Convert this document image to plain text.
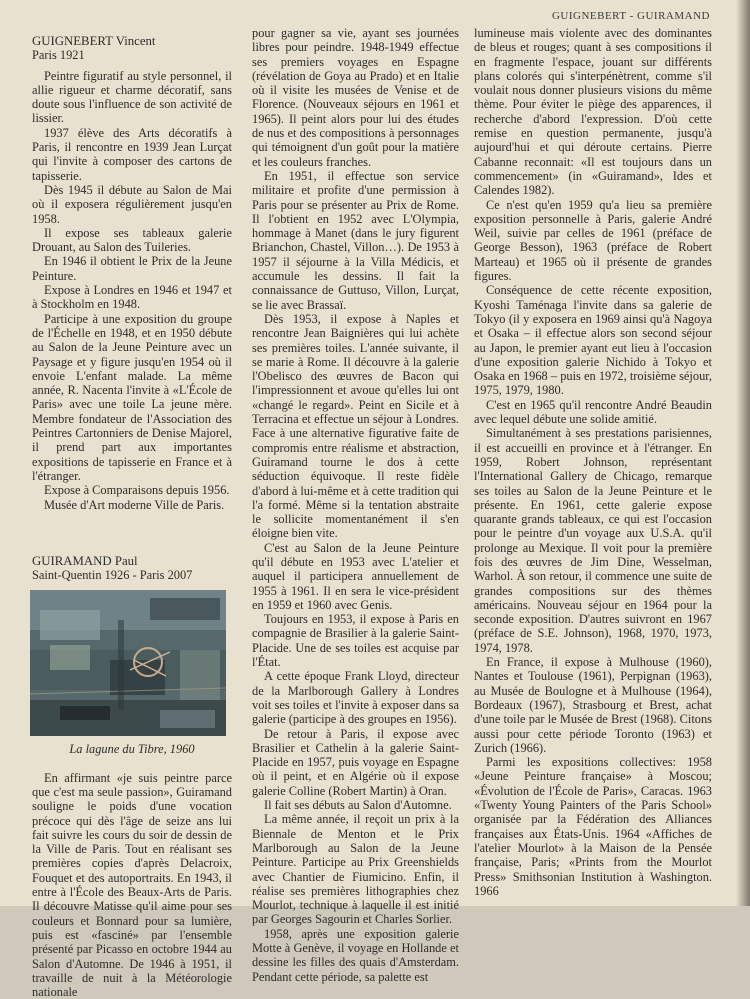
GUIGNEBERT - GUIRAMAND
GUIGNEBERT Vincent
Paris 1921

Peintre figuratif au style personnel, il allie rigueur et charme décoratif, sans doute sous l'influence de son activité de lissier.

1937 élève des Arts décoratifs à Paris, il rencontre en 1939 Jean Lurçat qui l'invite à composer des cartons de tapisserie.

Dès 1945 il débute au Salon de Mai où il exposera régulièrement jusqu'en 1958.

Il expose ses tableaux galerie Drouant, au Salon des Tuileries.

En 1946 il obtient le Prix de la Jeune Peinture.

Expose à Londres en 1946 et 1947 et à Stockholm en 1948.

Participe à une exposition du groupe de l'Échelle en 1948, et en 1950 débute au Salon de la Jeune Peinture avec un Paysage et y figure jusqu'en 1954 où il envoie L'enfant malade. La même année, R. Nacenta l'invite à «L'École de Paris» avec une toile La jeune mère. Membre fondateur de l'Association des Peintres Cartonniers de Denise Majorel, il prend part aux importantes expositions de tapisserie en France et à l'étranger.

Expose à Comparaisons depuis 1956.

Musée d'Art moderne Ville de Paris.

GUIRAMAND Paul
Saint-Quentin 1926 - Paris 2007
La lagune du Tibre, 1960

En affirmant «je suis peintre parce que c'est ma seule passion», Guiramand souligne le poids d'une vocation précoce qui dès l'âge de seize ans lui fait suivre les cours du soir de dessin de la Ville de Paris. Tout en réalisant ses premières copies d'après Delacroix, Fouquet et des autoportraits. En 1943, il entre à l'École des Beaux-Arts de Paris. Il découvre Matisse qu'il aime pour ses couleurs et Bonnard pour sa lumière, puis est «fasciné» par l'ensemble présenté par Picasso en octobre 1944 au Salon d'Automne. De 1946 à 1951, il travaille de nuit à la Météorologie nationale

pour gagner sa vie, ayant ses journées libres pour peindre. 1948-1949 effectue ses premiers voyages en Espagne (révélation de Goya au Prado) et en Italie où il visite les musées de Venise et de Florence. (Nouveaux séjours en 1961 et 1965). Il peint alors pour lui des études de nus et des compositions à personnages qui témoignent d'un goût pour la matière et les couleurs franches.

En 1951, il effectue son service militaire et profite d'une permission à Paris pour se présenter au Prix de Rome. Il l'obtient en 1952 avec L'Olympia, hommage à Manet (dans le jury figurent Brianchon, Chastel, Villon…). De 1953 à 1957 il séjourne à la Villa Médicis, et accumule les dessins. Il fait la connaissance de Guttuso, Villon, Lurçat, se lie avec Brassaï.

Dès 1953, il expose à Naples et rencontre Jean Baignières qui lui achète ses premières toiles. L'année suivante, il se marie à Rome. Il découvre à la galerie l'Obelisco des œuvres de Bacon qui l'impressionnent et avoue qu'elles lui ont «changé le regard». Peint en Sicile et à Terracina et effectue un séjour à Londres. Face à une alternative figurative faite de compromis entre réalisme et abstraction, Guiramand tourne le dos à cette séduction équivoque. Il reste fidèle d'abord à lui-même et à cette tradition qui l'a formé. Même si la tentation abstraite le sollicite momentanément il s'en éloigne bien vite.

C'est au Salon de la Jeune Peinture qu'il débute en 1953 avec L'atelier et auquel il participera annuellement de 1955 à 1961. Il en sera le vice-président en 1959 et 1960 avec Genis.

Toujours en 1953, il expose à Paris en compagnie de Brasilier à la galerie Saint-Placide. Une de ses toiles est acquise par l'État.

A cette époque Frank Lloyd, directeur de la Marlborough Gallery à Londres voit ses toiles et l'invite à exposer dans sa galerie (participe à des groupes en 1956).

De retour à Paris, il expose avec Brasilier et Cathelin à la galerie Saint-Placide en 1957, puis voyage en Espagne où il peint, et en Algérie où il expose galerie Colline (Robert Martin) à Oran.

Il fait ses débuts au Salon d'Automne.

La même année, il reçoit un prix à la Biennale de Menton et le Prix Marlborough au Salon de la Jeune Peinture. Participe au Prix Greenshields avec Chantier de Fiumicino. Enfin, il réalise ses premières lithographies chez Mourlot, technique à laquelle il est initié par Georges Sagourin et Charles Sorlier.

1958, après une exposition galerie Motte à Genève, il voyage en Hollande et dessine les filles des quais d'Amsterdam. Pendant cette période, sa palette est

lumineuse mais violente avec des dominantes de bleus et rouges; quant à ses compositions il en fragmente l'espace, jouant sur différents plans colorés qui s'interpénètrent, comme s'il voulait nous donner plusieurs visions du même thème. Pour éviter le piège des apparences, il recherche d'abord l'expression. D'où cette remise en question permanente, jusqu'à aujourd'hui et qui déroute certains. Pierre Cabanne reconnait: «Il est toujours dans un commencement» (in «Guiramand», Ides et Calendes 1982).

Ce n'est qu'en 1959 qu'a lieu sa première exposition personnelle à Paris, galerie André Weil, suivie par celles de 1961 (préface de George Besson), 1963 (préface de Robert Marteau) et 1965 où il présente de grandes figures.

Conséquence de cette récente exposition, Kyoshi Taménaga l'invite dans sa galerie de Tokyo (il y exposera en 1969 ainsi qu'à Nagoya et Osaka – il effectue alors son second séjour au Japon, le premier ayant eut lieu à l'occasion d'une exposition galerie Nichido à Tokyo et Osaka en 1968 – puis en 1972, troisième séjour, 1975, 1979, 1980.

C'est en 1965 qu'il rencontre André Beaudin avec lequel débute une solide amitié.

Simultanément à ses prestations parisiennes, il est accueilli en province et à l'étranger. En 1959, Robert Johnson, représentant l'International Gallery de Chicago, remarque ses toiles au Salon de la Jeune Peinture et le présente. En 1961, cette galerie expose quarante grands tableaux, ce qui est l'occasion pour le peintre d'un voyage aux U.S.A. qu'il prolonge au Mexique. Il voit pour la première fois des œuvres de Jim Dine, Wesselman, Warhol. À son retour, il commence une suite de grandes compositions sur des thèmes américains. Nouveau séjour en 1964 pour la seconde exposition. D'autres suivront en 1967 (préface de S.E. Johnson), 1968, 1970, 1973, 1974, 1978.

En France, il expose à Mulhouse (1960), Nantes et Toulouse (1961), Perpignan (1963), au Musée de Boulogne et à Mulhouse (1964), Bordeaux (1967), Strasbourg et Brest, achat d'une toile par le Musée de Brest (1968). Citons aussi pour cette période Toronto (1963) et Zurich (1966).

Parmi les expositions collectives: 1958 «Jeune Peinture française» à Moscou; «Évolution de l'École de Paris», Caracas. 1963 «Twenty Young Painters of the Paris School» organisée par la Fédération des Alliances françaises aux États-Unis. 1964 «Affiches de l'atelier Mourlot» à la Maison de la Pensée française, Paris; «Prints from the Mourlot Press» Smithsonian Institution à Washington. 1966
